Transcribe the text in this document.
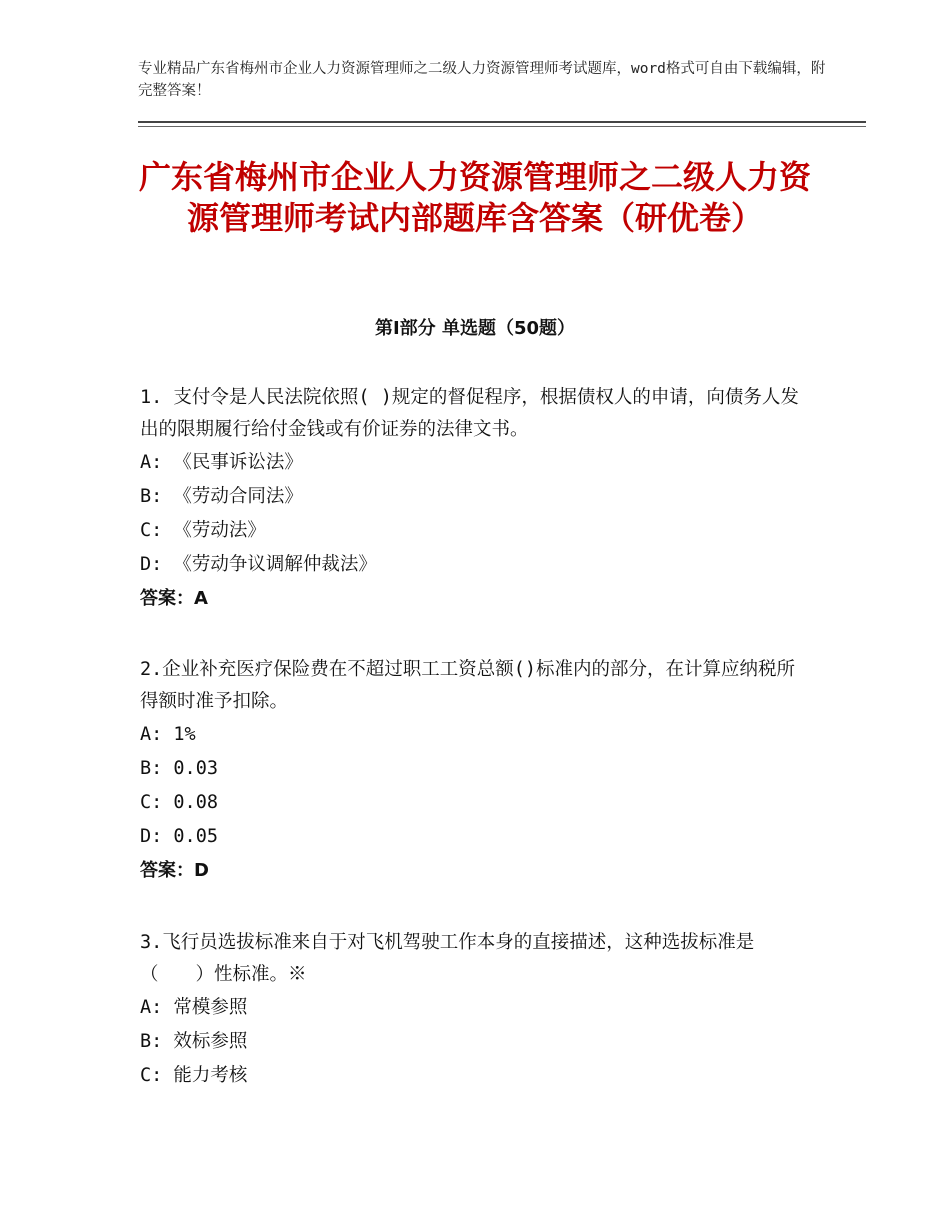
专业精品广东省梅州市企业人力资源管理师之二级人力资源管理师考试题库，word格式可自由下载编辑，附完整答案！
广东省梅州市企业人力资源管理师之二级人力资源管理师考试内部题库含答案（研优卷）
第Ⅰ部分 单选题（50题）

1. 支付令是人民法院依照( )规定的督促程序，根据债权人的申请，向债务人发出的限期履行给付金钱或有价证券的法律文书。

A: 《民事诉讼法》

B: 《劳动合同法》

C: 《劳动法》

D: 《劳动争议调解仲裁法》

答案：A

2.企业补充医疗保险费在不超过职工工资总额()标准内的部分，在计算应纳税所得额时准予扣除。

A: 1%

B: 0.03

C: 0.08

D: 0.05

答案：D

3.飞行员选拔标准来自于对飞机驾驶工作本身的直接描述，这种选拔标准是（　　）性标准。※

A: 常模参照

B: 效标参照

C: 能力考核
